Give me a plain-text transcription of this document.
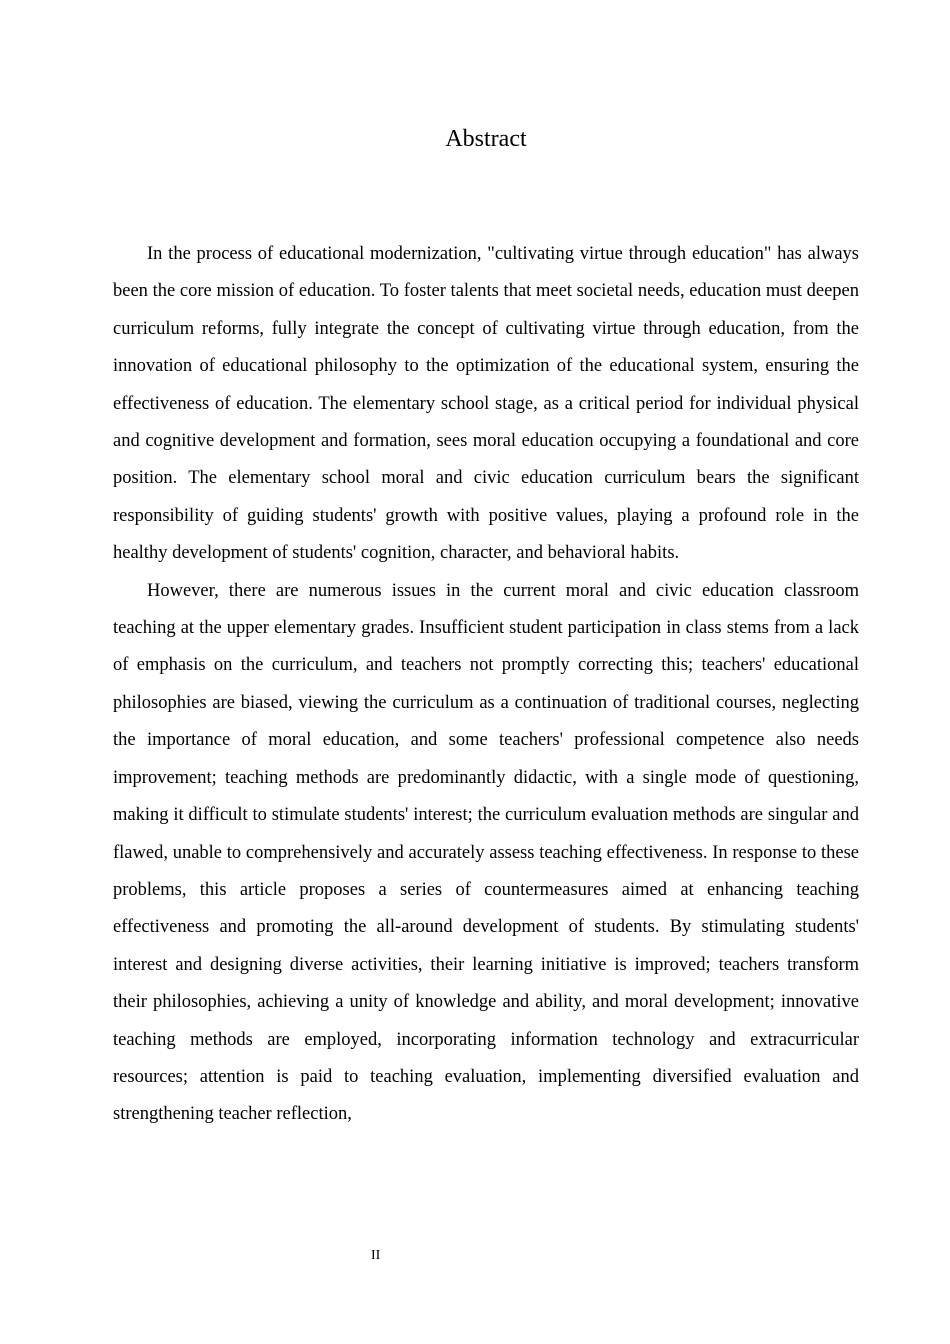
Abstract

In the process of educational modernization, "cultivating virtue through education" has always been the core mission of education. To foster talents that meet societal needs, education must deepen curriculum reforms, fully integrate the concept of cultivating virtue through education, from the innovation of educational philosophy to the optimization of the educational system, ensuring the effectiveness of education. The elementary school stage, as a critical period for individual physical and cognitive development and formation, sees moral education occupying a foundational and core position. The elementary school moral and civic education curriculum bears the significant responsibility of guiding students' growth with positive values, playing a profound role in the healthy development of students' cognition, character, and behavioral habits.

However, there are numerous issues in the current moral and civic education classroom teaching at the upper elementary grades. Insufficient student participation in class stems from a lack of emphasis on the curriculum, and teachers not promptly correcting this; teachers' educational philosophies are biased, viewing the curriculum as a continuation of traditional courses, neglecting the importance of moral education, and some teachers' professional competence also needs improvement; teaching methods are predominantly didactic, with a single mode of questioning, making it difficult to stimulate students' interest; the curriculum evaluation methods are singular and flawed, unable to comprehensively and accurately assess teaching effectiveness. In response to these problems, this article proposes a series of countermeasures aimed at enhancing teaching effectiveness and promoting the all-around development of students. By stimulating students' interest and designing diverse activities, their learning initiative is improved; teachers transform their philosophies, achieving a unity of knowledge and ability, and moral development; innovative teaching methods are employed, incorporating information technology and extracurricular resources; attention is paid to teaching evaluation, implementing diversified evaluation and strengthening teacher reflection,

II
